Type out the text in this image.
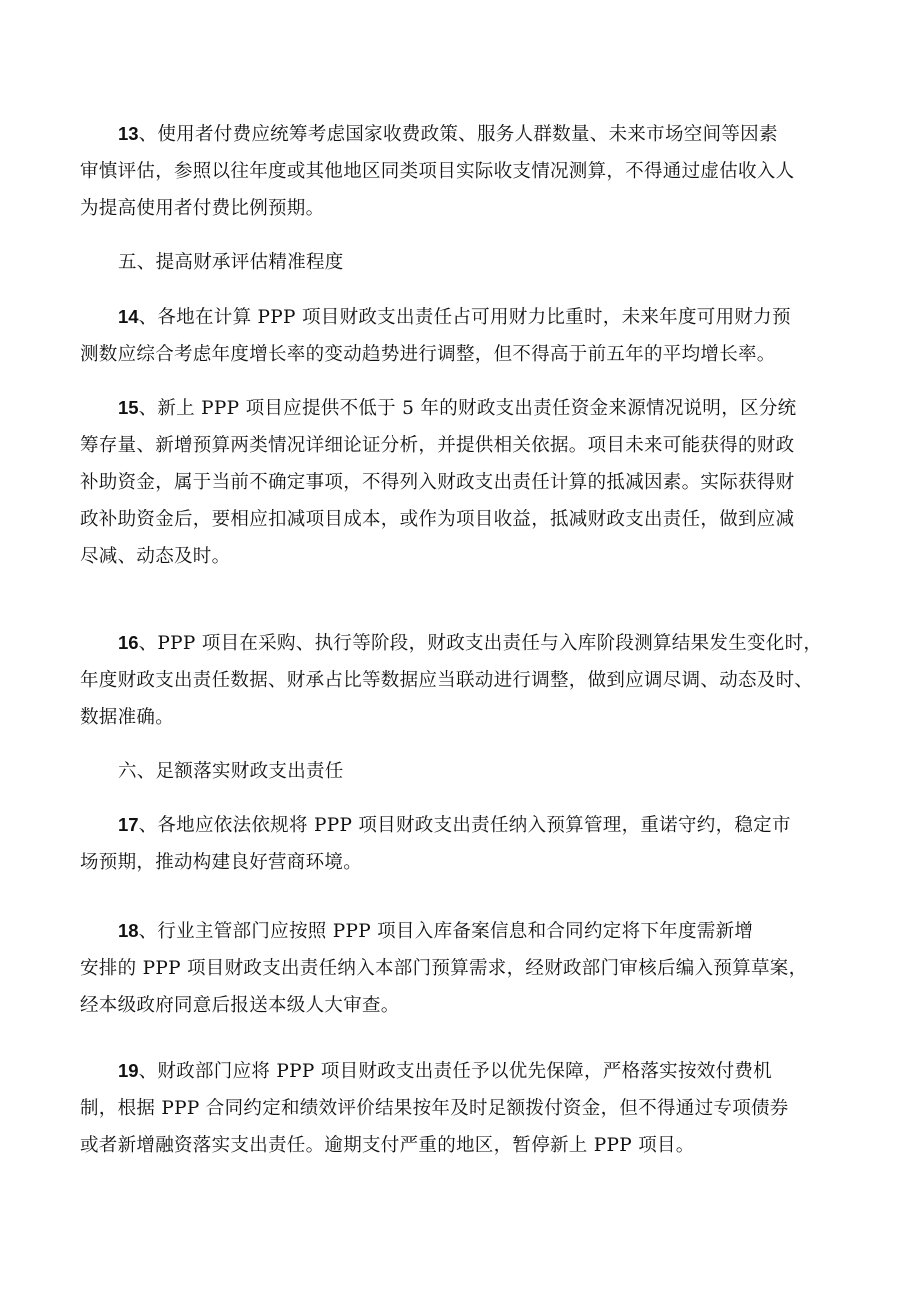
13、使用者付费应统筹考虑国家收费政策、服务人群数量、未来市场空间等因素
审慎评估，参照以往年度或其他地区同类项目实际收支情况测算，不得通过虚估收入人
为提高使用者付费比例预期。

五、提高财承评估精准程度

14、各地在计算 PPP 项目财政支出责任占可用财力比重时，未来年度可用财力预
测数应综合考虑年度增长率的变动趋势进行调整，但不得高于前五年的平均增长率。

15、新上 PPP 项目应提供不低于 5 年的财政支出责任资金来源情况说明，区分统
筹存量、新增预算两类情况详细论证分析，并提供相关依据。项目未来可能获得的财政
补助资金，属于当前不确定事项，不得列入财政支出责任计算的抵减因素。实际获得财
政补助资金后，要相应扣减项目成本，或作为项目收益，抵减财政支出责任，做到应减
尽减、动态及时。

16、PPP 项目在采购、执行等阶段，财政支出责任与入库阶段测算结果发生变化时，
年度财政支出责任数据、财承占比等数据应当联动进行调整，做到应调尽调、动态及时、
数据准确。

六、足额落实财政支出责任

17、各地应依法依规将 PPP 项目财政支出责任纳入预算管理，重诺守约，稳定市
场预期，推动构建良好营商环境。

18、行业主管部门应按照 PPP 项目入库备案信息和合同约定将下年度需新增
安排的 PPP 项目财政支出责任纳入本部门预算需求，经财政部门审核后编入预算草案，
经本级政府同意后报送本级人大审查。

19、财政部门应将 PPP 项目财政支出责任予以优先保障，严格落实按效付费机
制，根据 PPP 合同约定和绩效评价结果按年及时足额拨付资金，但不得通过专项债券
或者新增融资落实支出责任。逾期支付严重的地区，暂停新上 PPP 项目。
